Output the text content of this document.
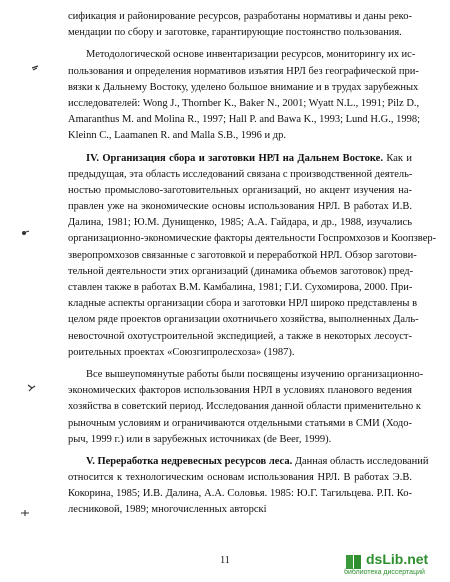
сификация и районирование ресурсов, разработаны нормативы и даны реко-
мендации по сбору и заготовке, гарантирующие постоянство пользования.
Методологической основе инвентаризации ресурсов, мониторингу их ис-
пользования и определения нормативов изъятия НРЛ без географической при-
вязки к Дальнему Востоку, уделено большое внимание и в трудах зарубежных
исследователей: Wong J., Thornber K., Baker N., 2001; Wyatt N.L., 1991; Pilz D.,
Amaranthus M. and Molina R., 1997; Hall P. and Bawa K., 1993; Lund H.G., 1998;
Kleinn C., Laamanen R. and Malla S.B., 1996 и др.
IV. Организация сбора и заготовки НРЛ на Дальнем Востоке. Как и
предыдущая, эта область исследований связана с производственной деятель-
ностью промыслово-заготовительных организаций, но акцент изучения на-
правлен уже на экономические основы использования НРЛ. В работах И.В.
Далина, 1981; Ю.М. Дунищенко, 1985; А.А. Гайдара, и др., 1988, изучались
организационно-экономические факторы деятельности Госпромхозов и Коопзвер-
зверопромхозов связанные с заготовкой и переработкой НРЛ. Обзор заготови-
тельной деятельности этих организаций (динамика объемов заготовок) пред-
ставлен также в работах В.М. Камбалина, 1981; Г.И. Сухомирова, 2000. При-
кладные аспекты организации сбора и заготовки НРЛ широко представлены в
целом ряде проектов организации охотничьего хозяйства, выполненных Даль-
невосточной охотустроительной экспедицией, а также в некоторых лесоуст-
роительных проектах «Союзгипролесхоза» (1987).
Все вышеупомянутые работы были посвящены изучению организационно-
экономических факторов использования НРЛ в условиях планового ведения
хозяйства в советский период. Исследования данной области применительно к
рыночным условиям и ограничиваются отдельными статьями в СМИ (Ходо-
рыч, 1999 г.) или в зарубежных источниках (de Beer, 1999).
V. Переработка недревесных ресурсов леса. Данная область исследований
относится к технологическим основам использования НРЛ. В работах Э.В.
Кокорина, 1985; И.В. Далина, А.А. Соловья. 1985: Ю.Г. Тагильцева. Р.П. Ко-
лесниковой, 1989; многочисленных авторскі
11	dsLib.net
библиотека диссертаций
